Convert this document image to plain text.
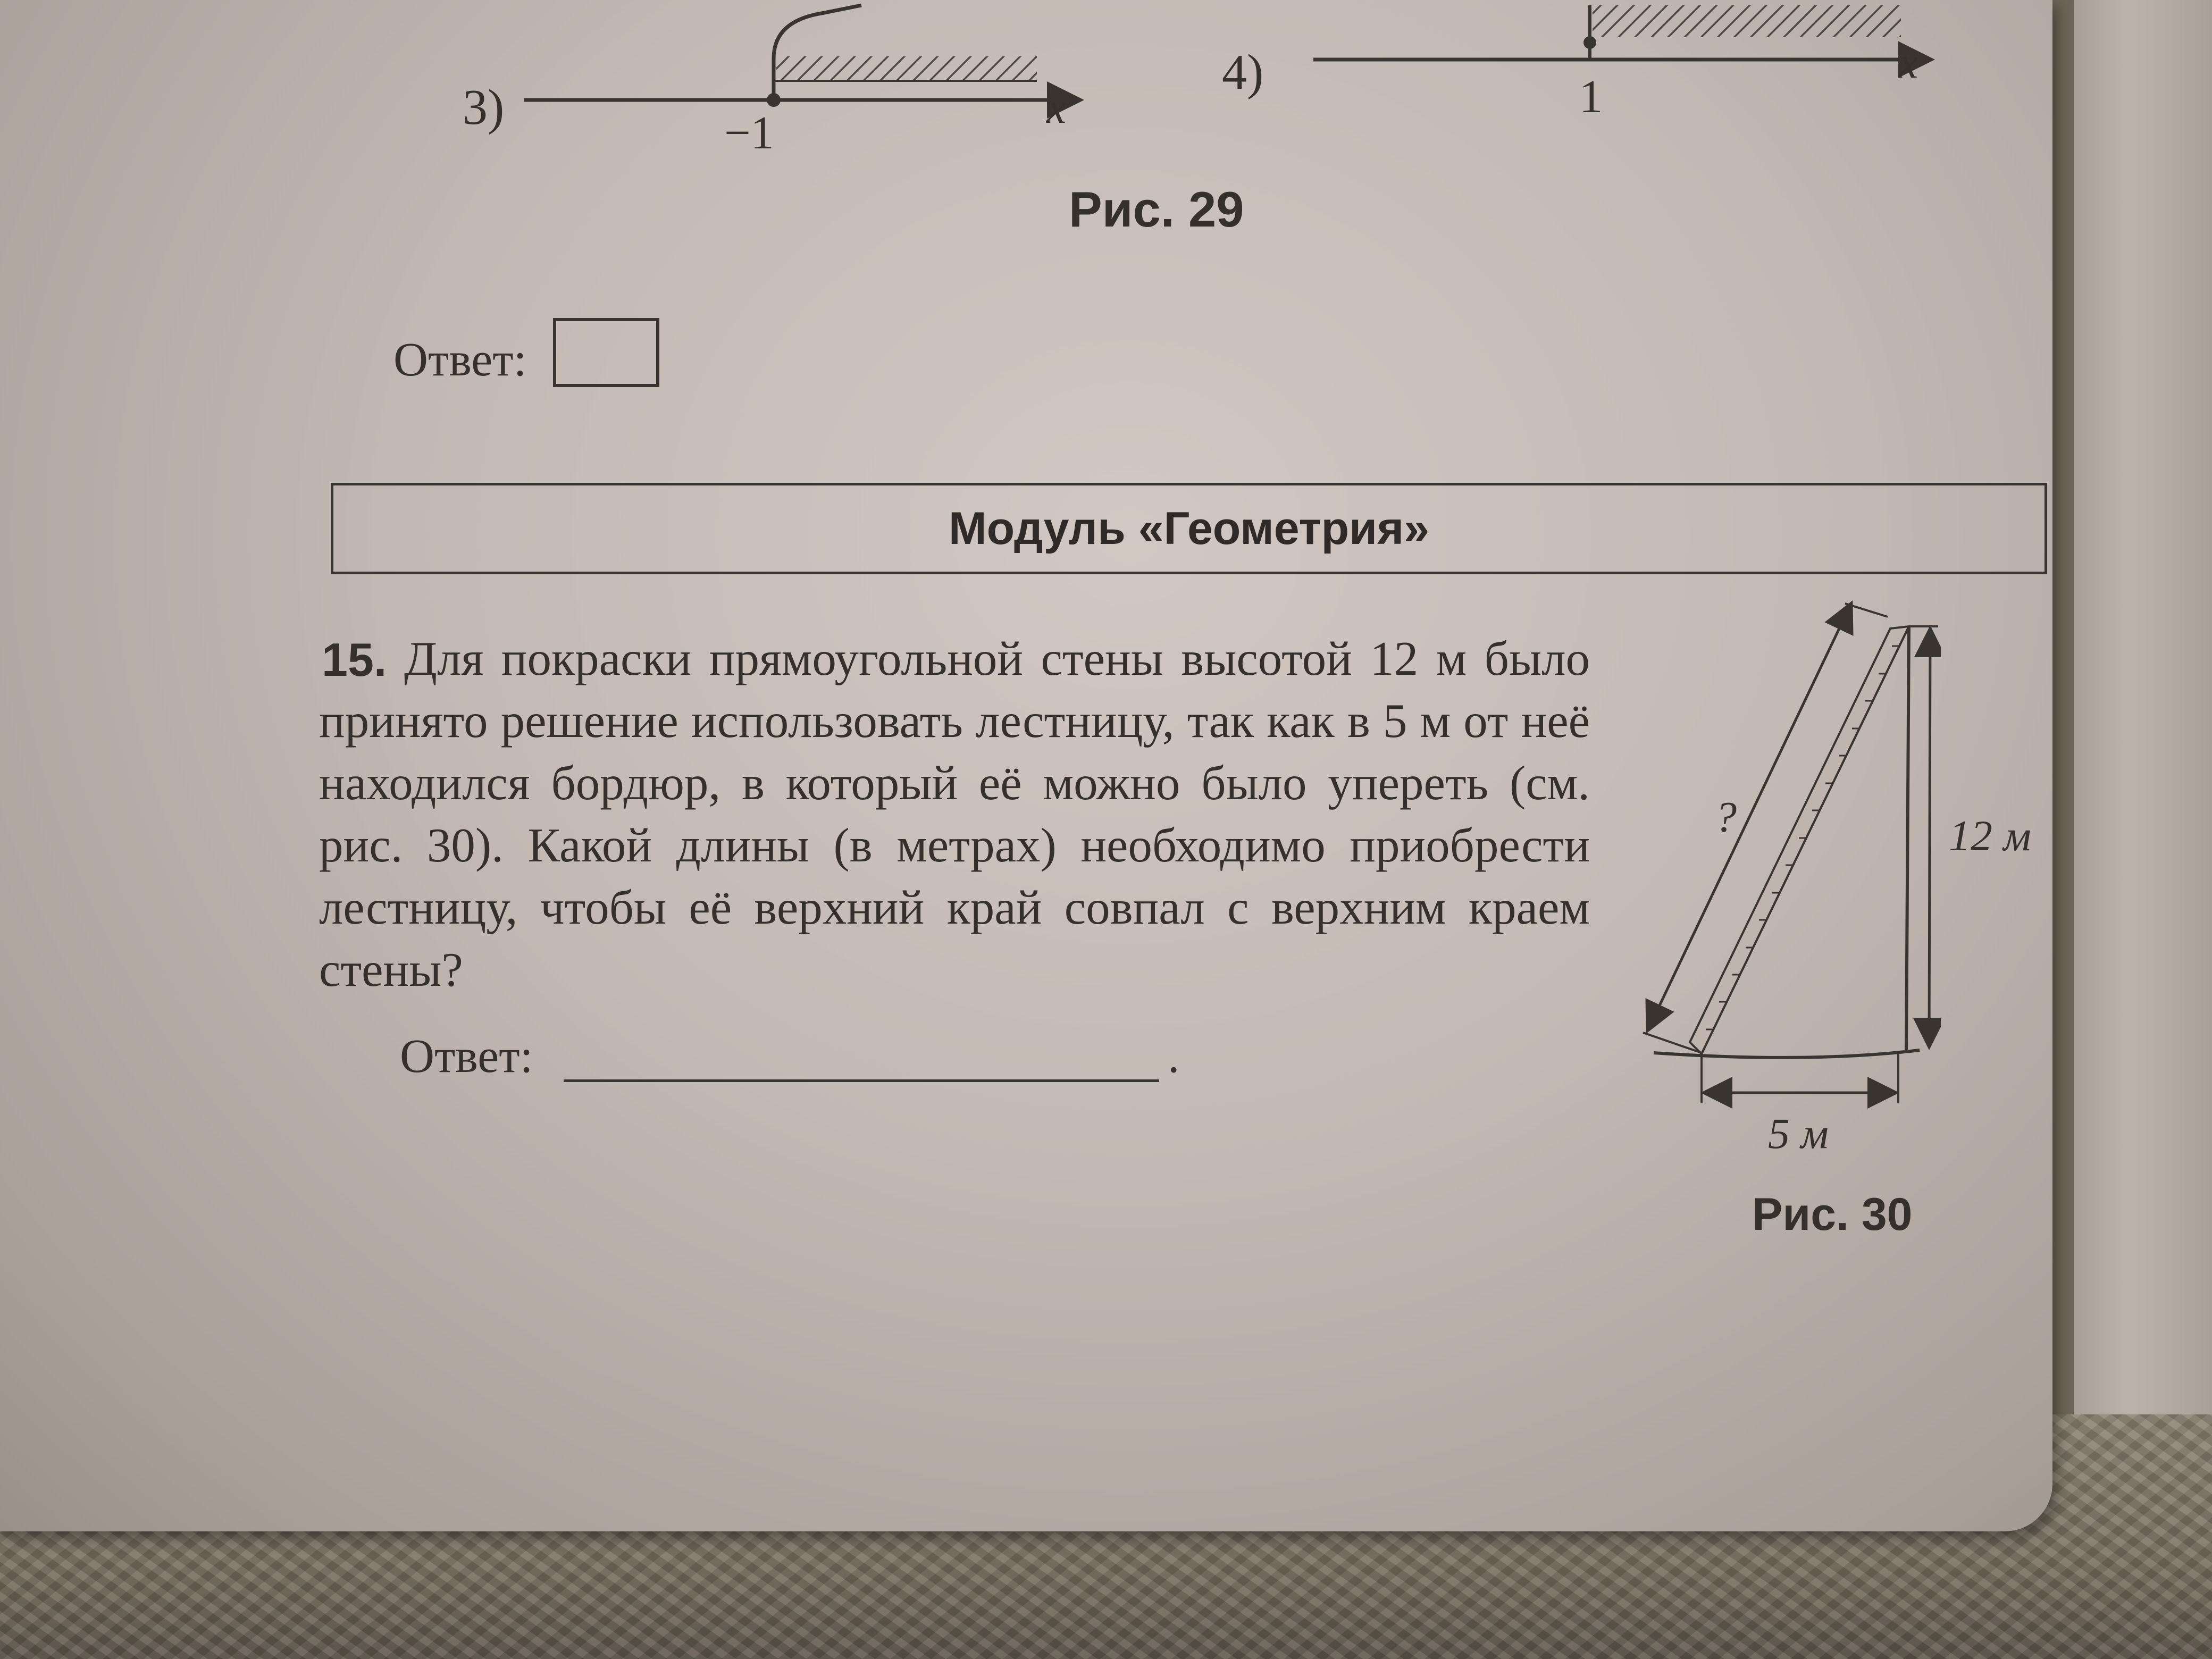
3)	−1	x
4)	1
x
Рис. 29
Ответ:
Модуль «Геометрия»
15. Для покраски прямоугольной стены высотой 12 м было принято решение использовать лестницу, так как в 5 м от неё находился бордюр, в который её можно было упереть (см. рис. 30). Какой длины (в метрах) необходимо приобрести лестницу, чтобы её верхний край совпал с верхним краем стены?
Ответ:	.
?	12 м
5 м
Рис. 30
